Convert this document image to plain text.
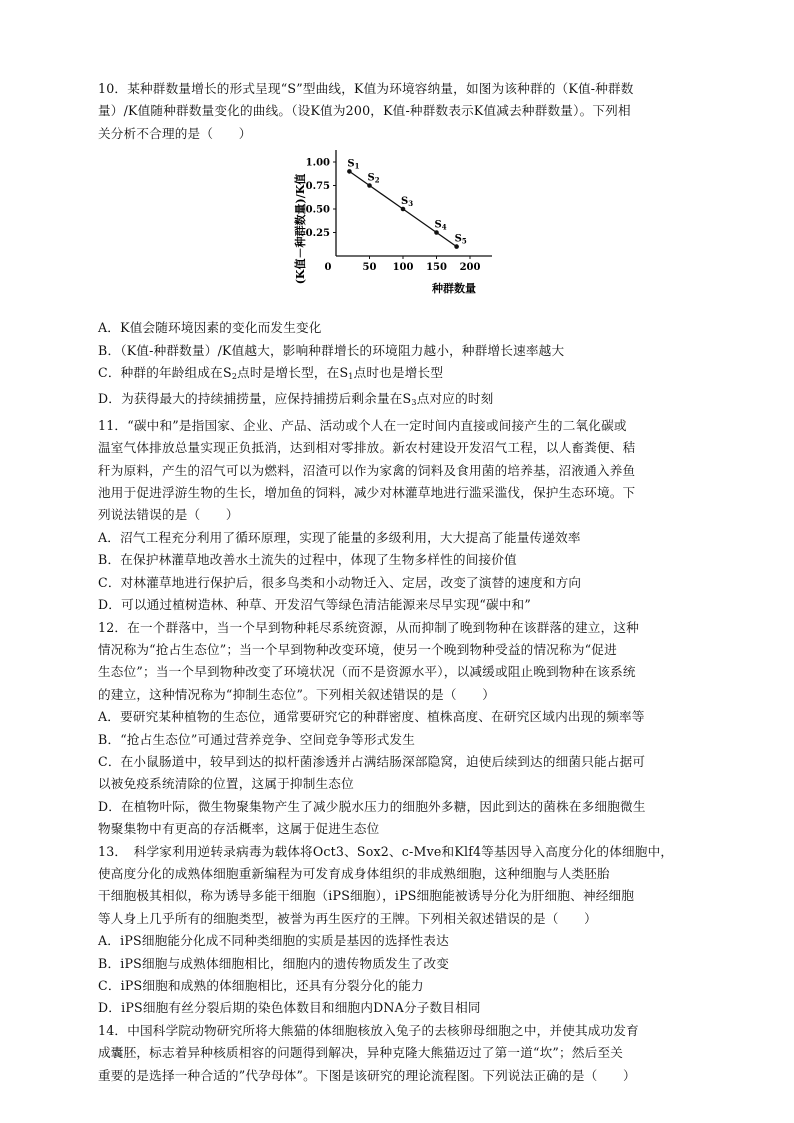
10．某种群数量增长的形式呈现“S”型曲线，K值为环境容纳量，如图为该种群的（K值-种群数

量）/K值随种群数量变化的曲线。（设K值为200，K值-种群数表示K值减去种群数量）。下列相

关分析不合理的是（　　）

(K值－种群数量)/K值
种群数量
0	50 100 150 200
1.00
0.75
0.50
0.25
$S_1$
$S_2$
$S_3$
$S_4$
$S_5$

A．K值会随环境因素的变化而发生变化

B．（K值-种群数量）/K值越大，影响种群增长的环境阻力越小，种群增长速率越大

C．种群的年龄组成在$S_2$点时是增长型，在$S_1$点时也是增长型

D．为获得最大的持续捕捞量，应保持捕捞后剩余量在$S_3$点对应的时刻

11．“碳中和”是指国家、企业、产品、活动或个人在一定时间内直接或间接产生的二氧化碳或

温室气体排放总量实现正负抵消，达到相对零排放。新农村建设开发沼气工程，以人畜粪便、秸

秆为原料，产生的沼气可以为燃料，沼渣可以作为家禽的饲料及食用菌的培养基，沼液通入养鱼

池用于促进浮游生物的生长，增加鱼的饲料，减少对林灌草地进行滥采滥伐，保护生态环境。下

列说法错误的是（　　）

A．沼气工程充分利用了循环原理，实现了能量的多级利用，大大提高了能量传递效率

B．在保护林灌草地改善水土流失的过程中，体现了生物多样性的间接价值

C．对林灌草地进行保护后，很多鸟类和小动物迁入、定居，改变了演替的速度和方向

D．可以通过植树造林、种草、开发沼气等绿色清洁能源来尽早实现“碳中和”

12．在一个群落中，当一个早到物种耗尽系统资源，从而抑制了晚到物种在该群落的建立，这种

情况称为“抢占生态位”；当一个早到物种改变环境，使另一个晚到物种受益的情况称为“促进

生态位”；当一个早到物种改变了环境状况（而不是资源水平），以减缓或阻止晚到物种在该系统

的建立，这种情况称为“抑制生态位”。下列相关叙述错误的是（　　）

A．要研究某种植物的生态位，通常要研究它的种群密度、植株高度、在研究区域内出现的频率等

B．“抢占生态位”可通过营养竞争、空间竞争等形式发生

C．在小鼠肠道中，较早到达的拟杆菌渗透并占满结肠深部隐窝，迫使后续到达的细菌只能占据可

以被免疫系统清除的位置，这属于抑制生态位

D．在植物叶际，微生物聚集物产生了减少脱水压力的细胞外多糖，因此到达的菌株在多细胞微生

物聚集物中有更高的存活概率，这属于促进生态位

13．　科学家利用逆转录病毒为载体将Oct3、Sox2、c-Mve和Klf4等基因导入高度分化的体细胞中，

使高度分化的成熟体细胞重新编程为可发育成身体组织的非成熟细胞，这种细胞与人类胚胎

干细胞极其相似，称为诱导多能干细胞（iPS细胞），iPS细胞能被诱导分化为肝细胞、神经细胞

等人身上几乎所有的细胞类型，被誉为再生医疗的王牌。下列相关叙述错误的是（　　）

A．iPS细胞能分化成不同种类细胞的实质是基因的选择性表达

B．iPS细胞与成熟体细胞相比，细胞内的遗传物质发生了改变

C．iPS细胞和成熟的体细胞相比，还具有分裂分化的能力

D．iPS细胞有丝分裂后期的染色体数目和细胞内DNA分子数目相同

14．中国科学院动物研究所将大熊猫的体细胞核放入兔子的去核卵母细胞之中，并使其成功发育

成囊胚，标志着异种核质相容的问题得到解决，异种克隆大熊猫迈过了第一道“坎”；然后至关

重要的是选择一种合适的”代孕母体”。下图是该研究的理论流程图。下列说法正确的是（　　）
